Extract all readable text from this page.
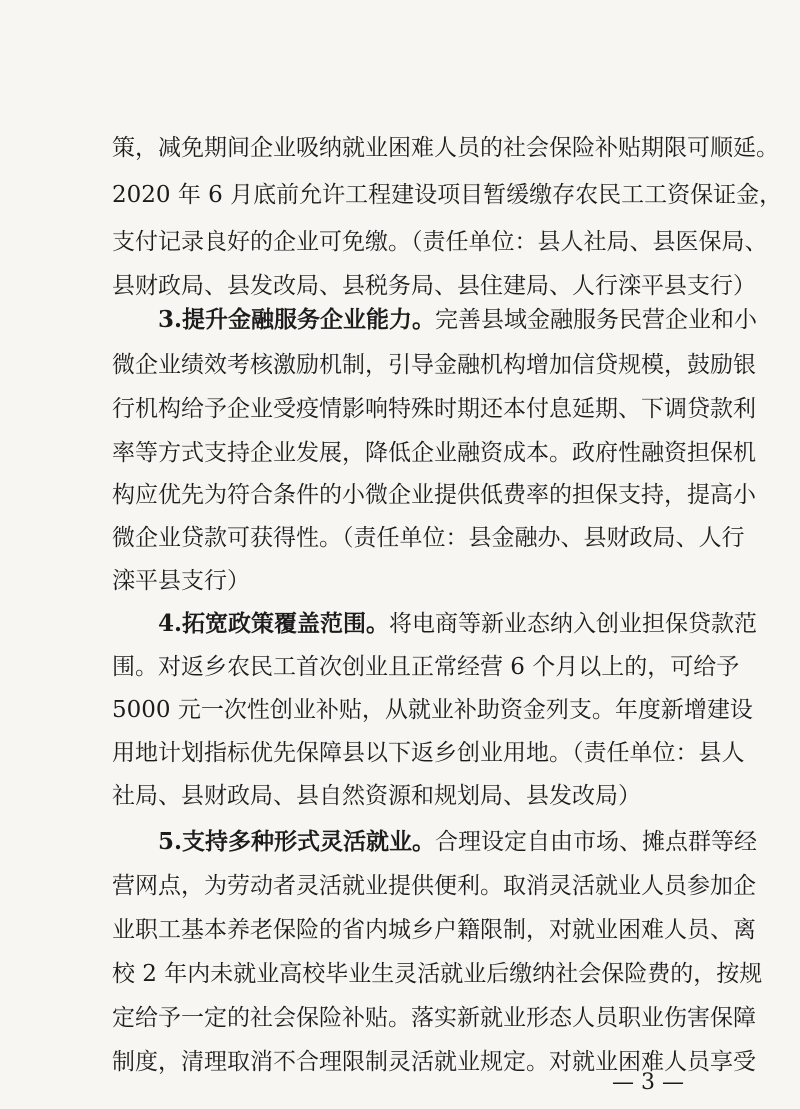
策，减免期间企业吸纳就业困难人员的社会保险补贴期限可顺延。
2020 年 6 月底前允许工程建设项目暂缓缴存农民工工资保证金，
支付记录良好的企业可免缴。（责任单位：县人社局、县医保局、
县财政局、县发改局、县税务局、县住建局、人行滦平县支行）
3.提升金融服务企业能力。完善县域金融服务民营企业和小
微企业绩效考核激励机制，引导金融机构增加信贷规模，鼓励银
行机构给予企业受疫情影响特殊时期还本付息延期、下调贷款利
率等方式支持企业发展，降低企业融资成本。政府性融资担保机
构应优先为符合条件的小微企业提供低费率的担保支持，提高小
微企业贷款可获得性。（责任单位：县金融办、县财政局、人行
滦平县支行）
4.拓宽政策覆盖范围。将电商等新业态纳入创业担保贷款范
围。对返乡农民工首次创业且正常经营 6 个月以上的，可给予
5000 元一次性创业补贴，从就业补助资金列支。年度新增建设
用地计划指标优先保障县以下返乡创业用地。（责任单位：县人
社局、县财政局、县自然资源和规划局、县发改局）
5.支持多种形式灵活就业。合理设定自由市场、摊点群等经
营网点，为劳动者灵活就业提供便利。取消灵活就业人员参加企
业职工基本养老保险的省内城乡户籍限制，对就业困难人员、离
校 2 年内未就业高校毕业生灵活就业后缴纳社会保险费的，按规
定给予一定的社会保险补贴。落实新就业形态人员职业伤害保障
制度，清理取消不合理限制灵活就业规定。对就业困难人员享受
— 3 —
